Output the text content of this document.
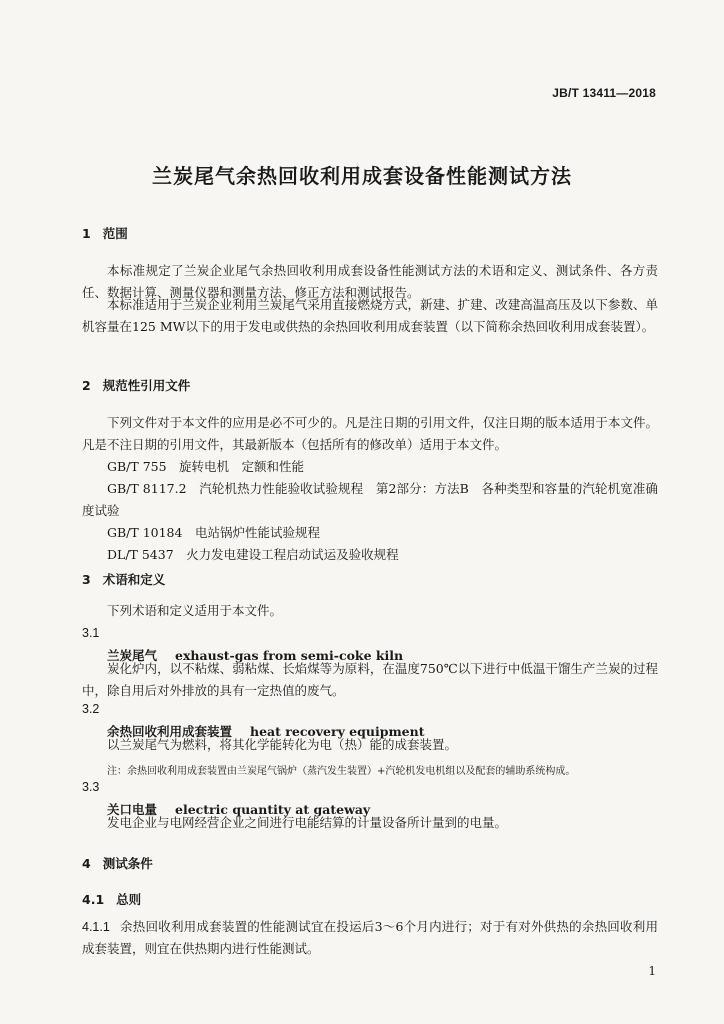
JB/T 13411—2018
兰炭尾气余热回收利用成套设备性能测试方法
1 范围
本标准规定了兰炭企业尾气余热回收利用成套设备性能测试方法的术语和定义、测试条件、各方责任、数据计算、测量仪器和测量方法、修正方法和测试报告。
本标准适用于兰炭企业利用兰炭尾气采用直接燃烧方式，新建、扩建、改建高温高压及以下参数、单机容量在125 MW以下的用于发电或供热的余热回收利用成套装置（以下简称余热回收利用成套装置）。
2 规范性引用文件
下列文件对于本文件的应用是必不可少的。凡是注日期的引用文件，仅注日期的版本适用于本文件。凡是不注日期的引用文件，其最新版本（包括所有的修改单）适用于本文件。
GB/T 755　旋转电机　定额和性能
GB/T 8117.2　汽轮机热力性能验收试验规程　第2部分：方法B　各种类型和容量的汽轮机宽准确度试验
GB/T 10184　电站锅炉性能试验规程
DL/T 5437　火力发电建设工程启动试运及验收规程
3 术语和定义
下列术语和定义适用于本文件。
3.1
兰炭尾气 exhaust-gas from semi-coke kiln
炭化炉内，以不粘煤、弱粘煤、长焰煤等为原料，在温度750℃以下进行中低温干馏生产兰炭的过程中，除自用后对外排放的具有一定热值的废气。
3.2
余热回收利用成套装置 heat recovery equipment
以兰炭尾气为燃料，将其化学能转化为电（热）能的成套装置。
注：余热回收利用成套装置由兰炭尾气锅炉（蒸汽发生装置）+汽轮机发电机组以及配套的辅助系统构成。
3.3
关口电量 electric quantity at gateway
发电企业与电网经营企业之间进行电能结算的计量设备所计量到的电量。
4 测试条件
4.1 总则
4.1.1 余热回收利用成套装置的性能测试宜在投运后3～6个月内进行；对于有对外供热的余热回收利用成套装置，则宜在供热期内进行性能测试。
1
